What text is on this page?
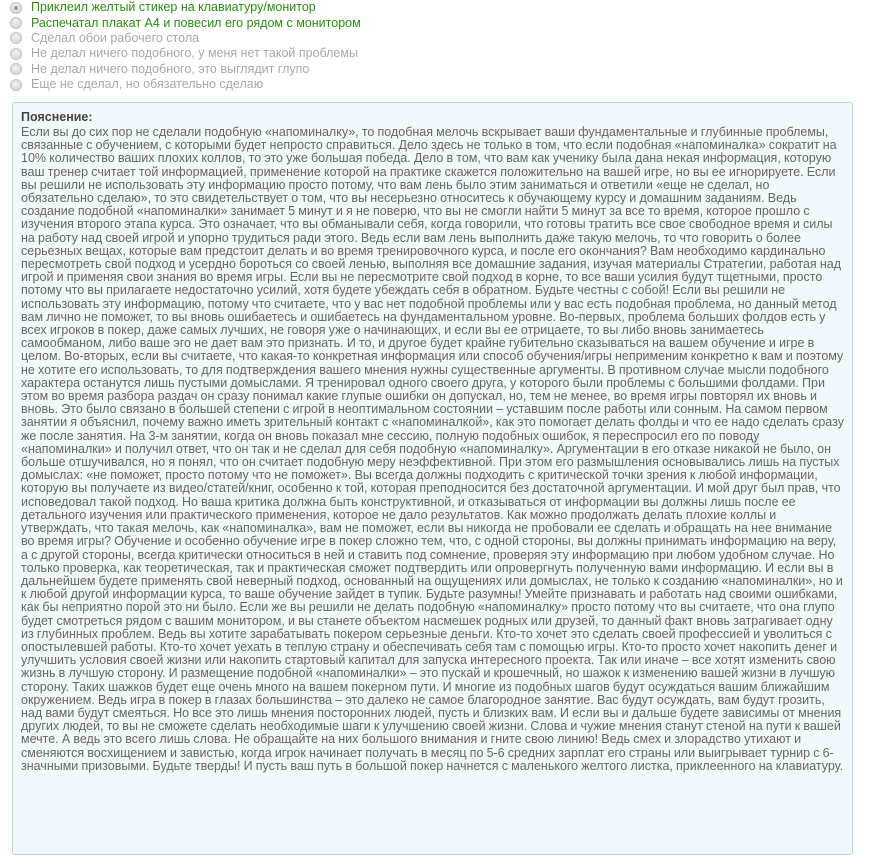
Приклеил желтый стикер на клавиатуру/монитор
Распечатал плакат А4 и повесил его рядом с монитором
Сделал обои рабочего стола
Не делал ничего подобного, у меня нет такой проблемы
Не делал ничего подобного, это выглядит глупо
Еще не сделал, но обязательно сделаю
Пояснение:
Если вы до сих пор не сделали подобную «напоминалку», то подобная мелочь вскрывает ваши фундаментальные и глубинные проблемы, связанные с обучением, с которыми будет непросто справиться. Дело здесь не только в том, что если подобная «напоминалка» сократит на 10% количество ваших плохих коллов, то это уже большая победа. Дело в том, что вам как ученику была дана некая информация, которую ваш тренер считает той информацией, применение которой на практике скажется положительно на вашей игре, но вы ее игнорируете. Если вы решили не использовать эту информацию просто потому, что вам лень было этим заниматься и ответили «еще не сделал, но обязательно сделаю», то это свидетельствует о том, что вы несерьезно относитесь к обучающему курсу и домашним заданиям. Ведь создание подобной «напоминалки» занимает 5 минут и я не поверю, что вы не смогли найти 5 минут за все то время, которое прошло с изучения второго этапа курса. Это означает, что вы обманывали себя, когда говорили, что готовы тратить все свое свободное время и силы на работу над своей игрой и упорно трудиться ради этого. Ведь если вам лень выполнить даже такую мелочь, то что говорить о более серьезных вещах, которые вам предстоит делать и во время тренировочного курса, и после его окончания? Вам необходимо кардинально пересмотреть свой подход и усердно бороться со своей ленью, выполняя все домашние задания, изучая материалы Стратегии, работая над игрой и применяя свои знания во время игры. Если вы не пересмотрите свой подход в корне, то все ваши усилия будут тщетными, просто потому что вы прилагаете недостаточно усилий, хотя будете убеждать себя в обратном. Будьте честны с собой! Если вы решили не использовать эту информацию, потому что считаете, что у вас нет подобной проблемы или у вас есть подобная проблема, но данный метод вам лично не поможет, то вы вновь ошибаетесь и ошибаетесь на фундаментальном уровне. Во-первых, проблема больших фолдов есть у всех игроков в покер, даже самых лучших, не говоря уже о начинающих, и если вы ее отрицаете, то вы либо вновь занимаетесь самообманом, либо ваше эго не дает вам это признать. И то, и другое будет крайне губительно сказываться на вашем обучение и игре в целом. Во-вторых, если вы считаете, что какая-то конкретная информация или способ обучения/игры неприменим конкретно к вам и поэтому не хотите его использовать, то для подтверждения вашего мнения нужны существенные аргументы. В противном случае мысли подобного характера останутся лишь пустыми домыслами. Я тренировал одного своего друга, у которого были проблемы с большими фолдами. При этом во время разбора раздач он сразу понимал какие глупые ошибки он допускал, но, тем не менее, во время игры повторял их вновь и вновь. Это было связано в большей степени с игрой в неоптимальном состоянии – уставшим после работы или сонным. На самом первом занятии я объяснил, почему важно иметь зрительный контакт с «напоминалкой», как это помогает делать фолды и что ее надо сделать сразу же после занятия. На 3-м занятии, когда он вновь показал мне сессию, полную подобных ошибок, я переспросил его по поводу «напоминалки» и получил ответ, что он так и не сделал для себя подобную «напоминалку». Аргументации в его отказе никакой не было, он больше отшучивался, но я понял, что он считает подобную меру неэффективной. При этом его размышления основывались лишь на пустых домыслах: «не поможет, просто потому что не поможет». Вы всегда должны подходить с критической точки зрения к любой информации, которую вы получаете из видео/статей/книг, особенно к той, которая преподносится без достаточной аргументации. И мой друг был прав, что исповедовал такой подход. Но ваша критика должна быть конструктивной, и отказываться от информации вы должны лишь после ее детального изучения или практического применения, которое не дало результатов. Как можно продолжать делать плохие коллы и утверждать, что такая мелочь, как «напоминалка», вам не поможет, если вы никогда не пробовали ее сделать и обращать на нее внимание во время игры? Обучение и особенно обучение игре в покер сложно тем, что, с одной стороны, вы должны принимать информацию на веру, а с другой стороны, всегда критически относиться в ней и ставить под сомнение, проверяя эту информацию при любом удобном случае. Но только проверка, как теоретическая, так и практическая сможет подтвердить или опровергнуть полученную вами информацию. И если вы в дальнейшем будете применять свой неверный подход, основанный на ощущениях или домыслах, не только к созданию «напоминалки», но и к любой другой информации курса, то ваше обучение зайдет в тупик. Будьте разумны! Умейте признавать и работать над своими ошибками, как бы неприятно порой это ни было. Если же вы решили не делать подобную «напоминалку» просто потому что вы считаете, что она глупо будет смотреться рядом с вашим монитором, и вы станете объектом насмешек родных или друзей, то данный факт вновь затрагивает одну из глубинных проблем. Ведь вы хотите зарабатывать покером серьезные деньги. Кто-то хочет это сделать своей профессией и уволиться с опостылевшей работы. Кто-то хочет уехать в теплую страну и обеспечивать себя там с помощью игры. Кто-то просто хочет накопить денег и улучшить условия своей жизни или накопить стартовый капитал для запуска интересного проекта. Так или иначе – все хотят изменить свою жизнь в лучшую сторону. И размещение подобной «напоминалки» – это пускай и крошечный, но шажок к изменению вашей жизни в лучшую сторону. Таких шажков будет еще очень много на вашем покерном пути. И многие из подобных шагов будут осуждаться вашим ближайшим окружением. Ведь игра в покер в глазах большинства – это далеко не самое благородное занятие. Вас будут осуждать, вам будут грозить, над вами будут смеяться. Но все это лишь мнения посторонних людей, пусть и близких вам. И если вы и дальше будете зависимы от мнения других людей, то вы не сможете сделать необходимые шаги к улучшению своей жизни. Слова и чужие мнения станут стеной на пути к вашей мечте. А ведь это всего лишь слова. Не обращайте на них большого внимания и гните свою линию! Ведь смех и злорадство утихают и сменяются восхищением и завистью, когда игрок начинает получать в месяц по 5-6 средних зарплат его страны или выигрывает турнир с 6-значными призовыми. Будьте тверды! И пусть ваш путь в большой покер начнется с маленького желтого листка, приклеенного на клавиатуру.
